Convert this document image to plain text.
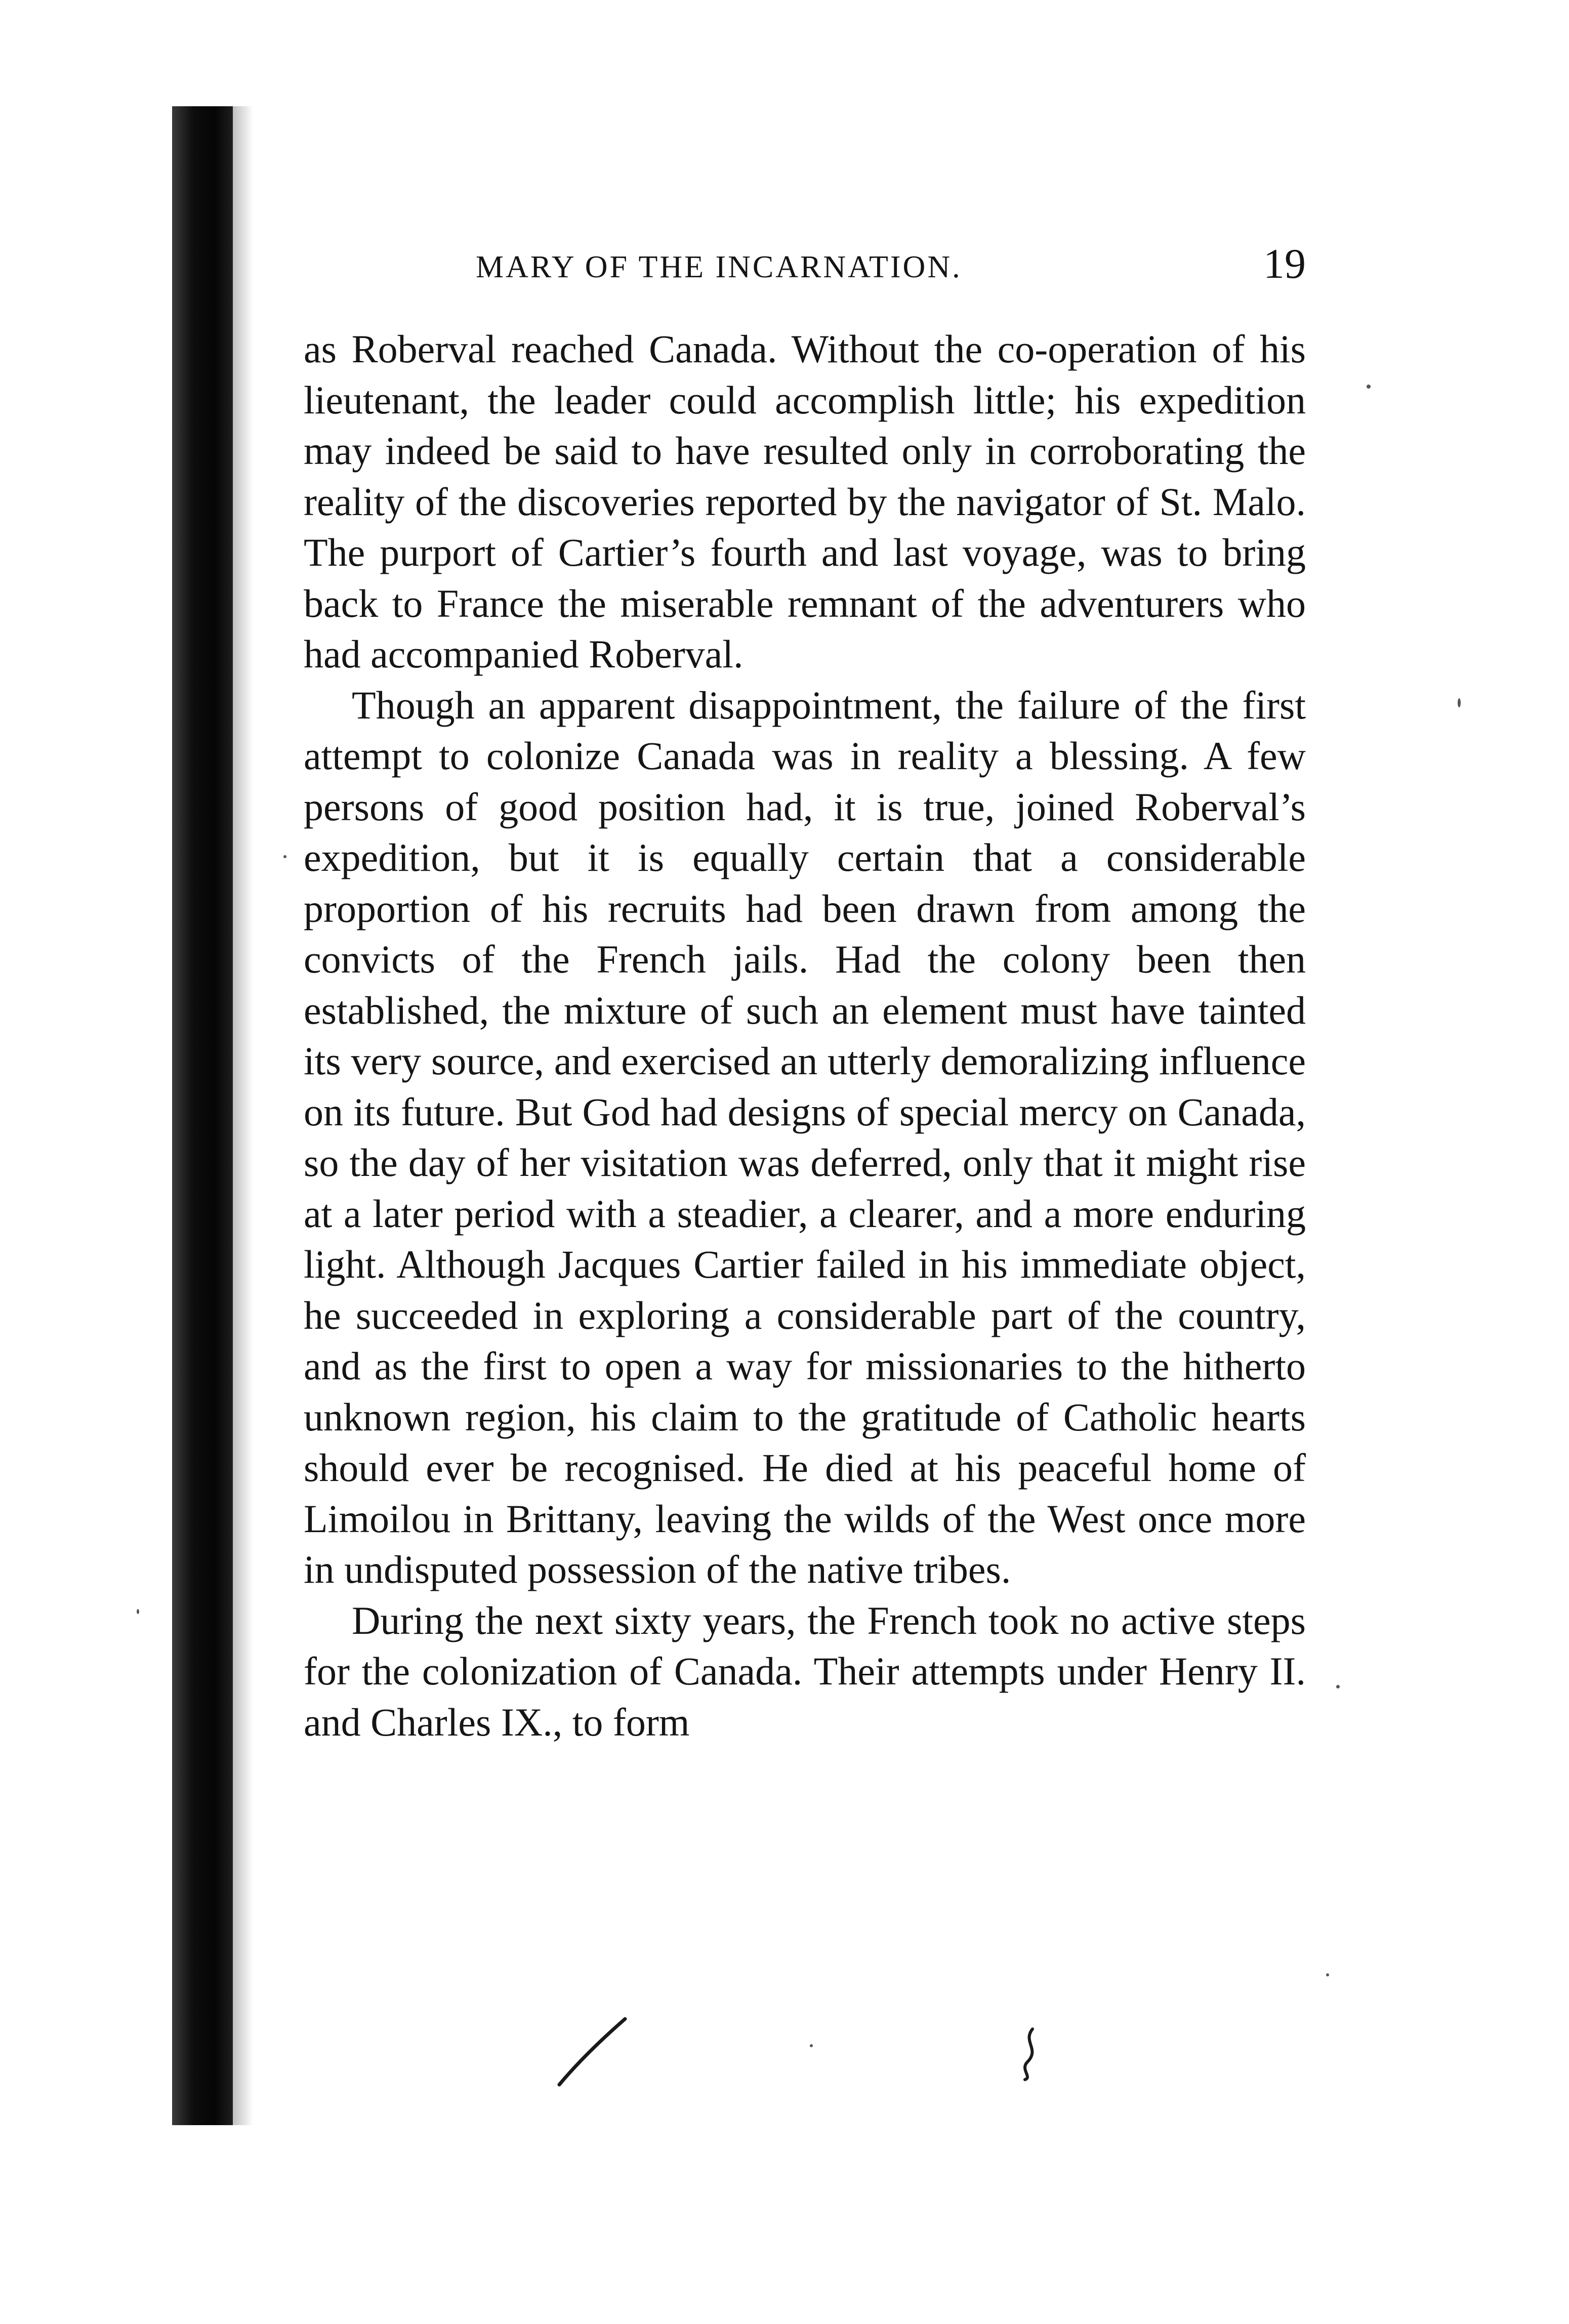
MARY OF THE INCARNATION.	19

as Roberval reached Canada. Without the co-operation of his lieutenant, the leader could accomplish little; his expedition may indeed be said to have resulted only in corroborating the reality of the discoveries reported by the navigator of St. Malo. The purport of Cartier’s fourth and last voyage, was to bring back to France the miserable remnant of the adventurers who had accompanied Roberval.

Though an apparent disappointment, the failure of the first attempt to colonize Canada was in reality a blessing. A few persons of good position had, it is true, joined Roberval’s expedition, but it is equally certain that a considerable proportion of his recruits had been drawn from among the convicts of the French jails. Had the colony been then established, the mixture of such an element must have tainted its very source, and exercised an utterly demoralizing influence on its future. But God had designs of special mercy on Canada, so the day of her visitation was deferred, only that it might rise at a later period with a steadier, a clearer, and a more enduring light. Although Jacques Cartier failed in his immediate object, he succeeded in exploring a considerable part of the country, and as the first to open a way for missionaries to the hitherto unknown region, his claim to the gratitude of Catholic hearts should ever be recognised. He died at his peaceful home of Limoilou in Brittany, leaving the wilds of the West once more in undisputed possession of the native tribes.

During the next sixty years, the French took no active steps for the colonization of Canada. Their attempts under Henry II. and Charles IX., to form
